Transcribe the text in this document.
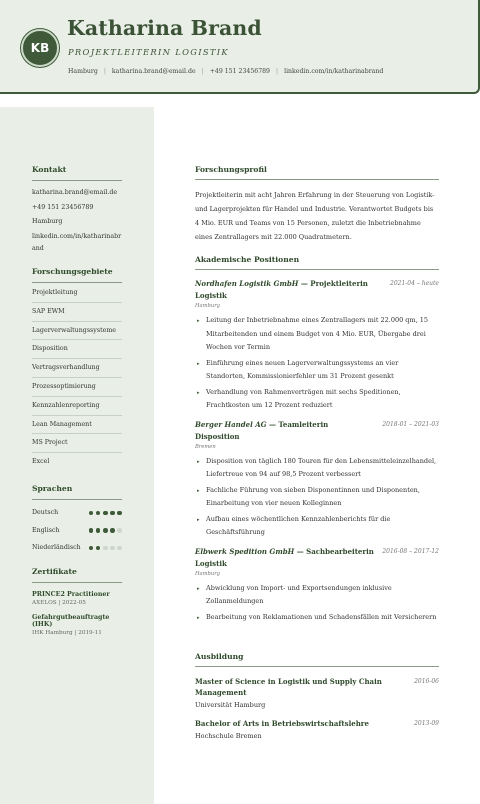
KB
Katharina Brand
PROJEKTLEITERIN LOGISTIK
Hamburg | katharina.brand@email.de | +49 151 23456789 | linkedin.com/in/katharinabrand
Kontakt
katharina.brand@email.de
+49 151 23456789
Hamburg
linkedin.com/in/katharinabrand
Forschungsgebiete
Projektleitung
SAP EWM
Lagerverwaltungssysteme
Disposition
Vertragsverhandlung
Prozessoptimierung
Kennzahlenreporting
Lean Management
MS Project
Excel
Sprachen
Deutsch
Englisch
Niederländisch
Zertifikate
PRINCE2 Practitioner
AXELOS | 2022-05
Gefahrgutbeauftragte (IHK)
IHK Hamburg | 2019-11
Forschungsprofil
Projektleiterin mit acht Jahren Erfahrung in der Steuerung von Logistik- und Lagerprojekten für Handel und Industrie. Verantwortet Budgets bis 4 Mio. EUR und Teams von 15 Personen, zuletzt die Inbetriebnahme eines Zentrallagers mit 22.000 Quadratmetern.
Akademische Positionen
Nordhafen Logistik GmbH — Projektleiterin Logistik
2021-04 – heute
Hamburg
▸ Leitung der Inbetriebnahme eines Zentrallagers mit 22.000 qm, 15 Mitarbeitenden und einem Budget von 4 Mio. EUR, Übergabe drei Wochen vor Termin
▸ Einführung eines neuen Lagerverwaltungssystems an vier Standorten, Kommissionierfehler um 31 Prozent gesenkt
▸ Verhandlung von Rahmenverträgen mit sechs Speditionen, Frachtkosten um 12 Prozent reduziert
Berger Handel AG — Teamleiterin Disposition
2018-01 – 2021-03
Bremen
▸ Disposition von täglich 180 Touren für den Lebensmitteleinzelhandel, Liefertreue von 94 auf 98,5 Prozent verbessert
▸ Fachliche Führung von sieben Disponentinnen und Disponenten, Einarbeitung von vier neuen Kolleginnen
▸ Aufbau eines wöchentlichen Kennzahlenberichts für die Geschäftsführung
Elbwerk Spedition GmbH — Sachbearbeiterin Logistik
2016-08 – 2017-12
Hamburg
▸ Abwicklung von Import- und Exportsendungen inklusive Zollanmeldungen
▸ Bearbeitung von Reklamationen und Schadensfällen mit Versicherern
Ausbildung
Master of Science in Logistik und Supply Chain Management
2016-06
Universität Hamburg
Bachelor of Arts in Betriebswirtschaftslehre	2013-09
Hochschule Bremen
